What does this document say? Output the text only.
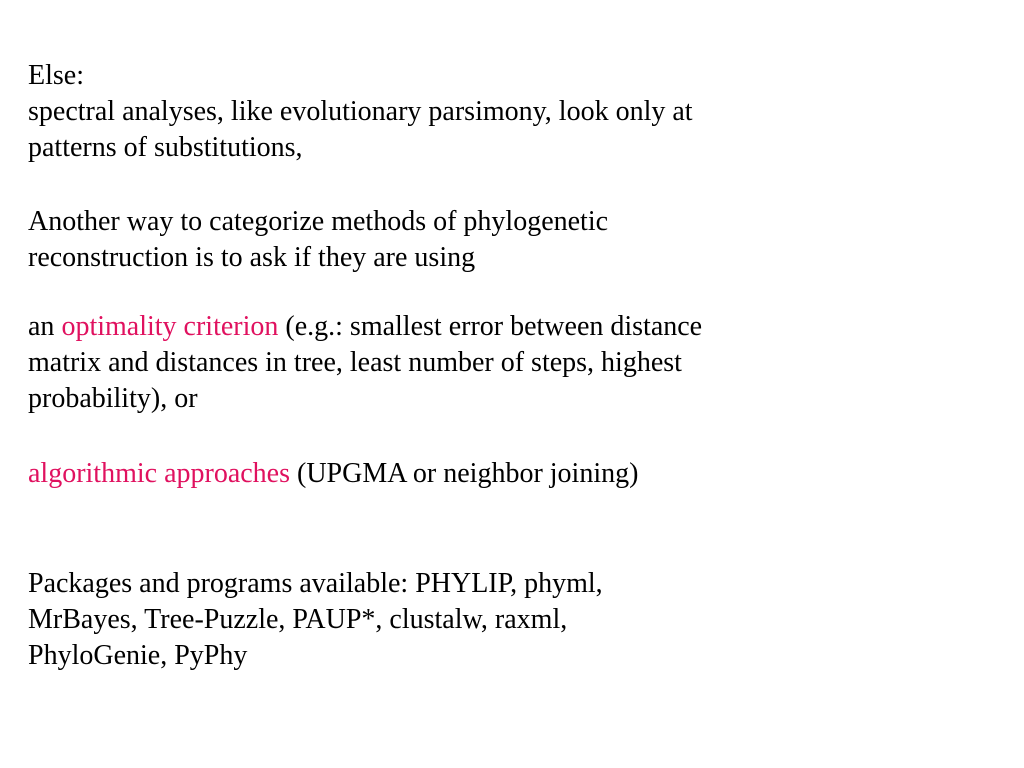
Else:

spectral analyses, like evolutionary parsimony, look only at
patterns of substitutions,

Another way to categorize methods of phylogenetic
reconstruction is to ask if they are using

an optimality criterion (e.g.: smallest error between distance
matrix and distances in tree, least number of steps, highest
probability), or

algorithmic approaches (UPGMA or neighbor joining)

Packages and programs available: PHYLIP, phyml,
MrBayes, Tree-Puzzle, PAUP*, clustalw, raxml,
PhyloGenie, PyPhy
